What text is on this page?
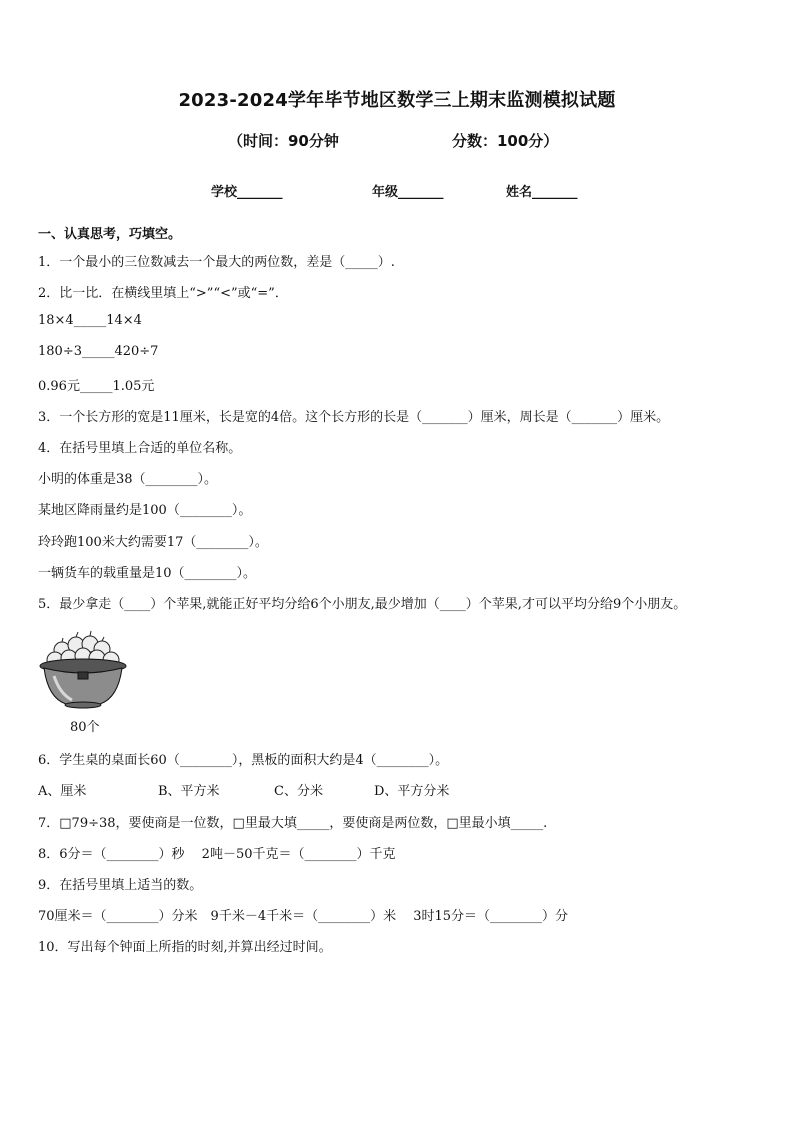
2023-2024学年毕节地区数学三上期末监测模拟试题
（时间：90分钟	分数：100分）
学校_______	年级_______	姓名_______
一、认真思考，巧填空。
1．一个最小的三位数减去一个最大的两位数，差是（_____）.
2．比一比．在横线里填上“>”“<”或“=”．
18×4_____14×4
180÷3_____420÷7
0.96元_____1.05元
3．一个长方形的宽是11厘米，长是宽的4倍。这个长方形的长是（_______）厘米，周长是（_______）厘米。
4．在括号里填上合适的单位名称。
小明的体重是38（________）。
某地区降雨量约是100（________）。
玲玲跑100米大约需要17（________）。
一辆货车的载重量是10（________）。
5．最少拿走（____）个苹果,就能正好平均分给6个小朋友,最少增加（____）个苹果,才可以平均分给9个小朋友。
80个
6．学生桌的桌面长60（________），黑板的面积大约是4（________）。
A、厘米	B、平方米	C、分米	D、平方分米
7．□79÷38，要使商是一位数，□里最大填_____，要使商是两位数，□里最小填_____.
8．6分＝（________）秒　 2吨－50千克＝（________）千克
9．在括号里填上适当的数。
70厘米＝（________）分米　9千米－4千米＝（________）米　 3时15分＝（________）分
10．写出每个钟面上所指的时刻,并算出经过时间。
